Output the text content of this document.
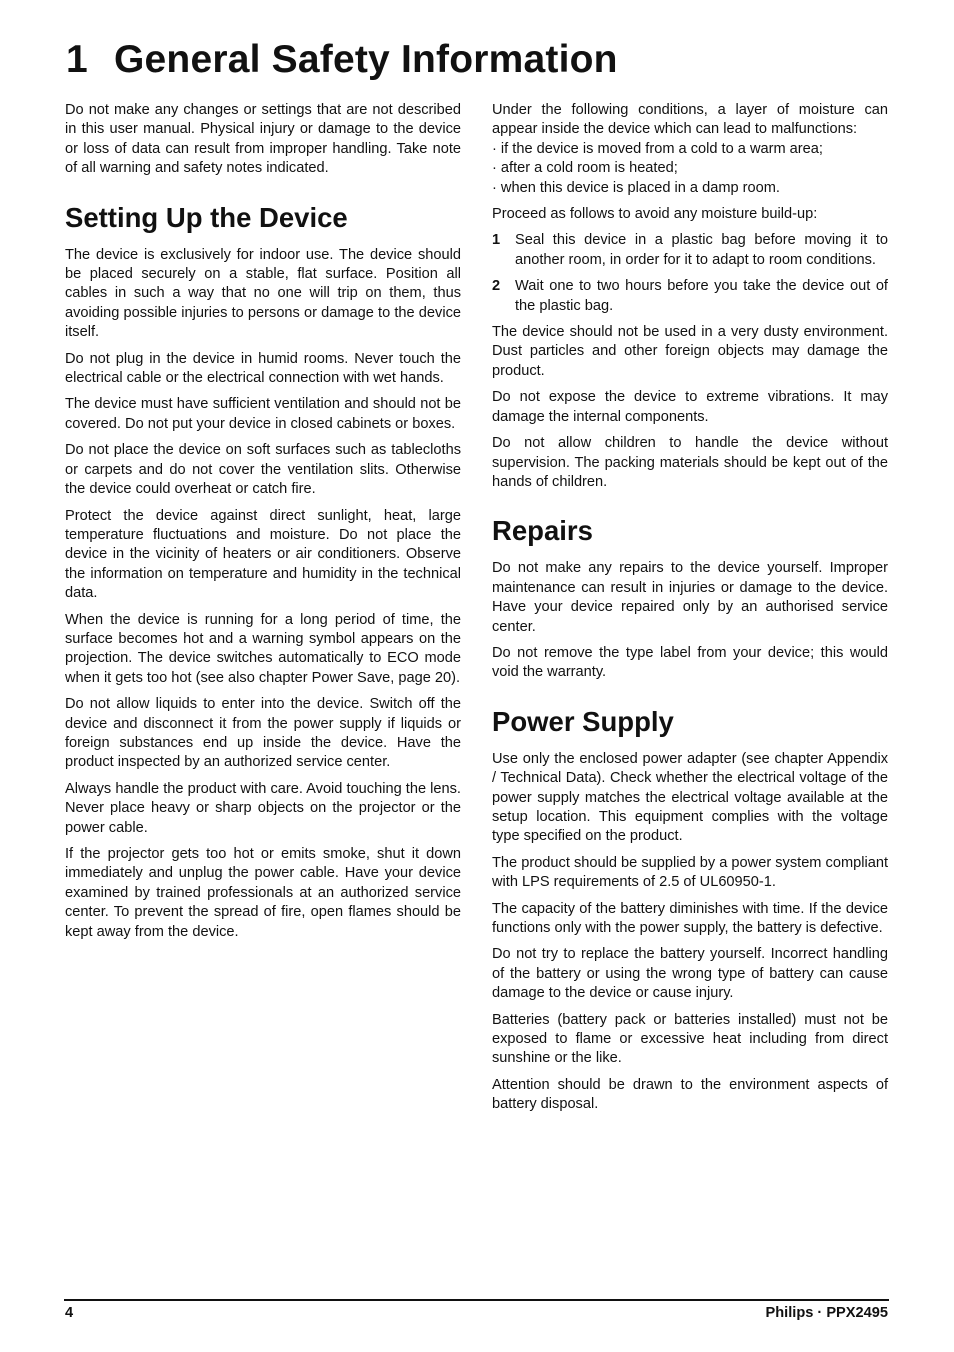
1 General Safety Information

Do not make any changes or settings that are not described in this user manual. Physical injury or damage to the device or loss of data can result from improper handling. Take note of all warning and safety notes indicated.

Setting Up the Device

The device is exclusively for indoor use. The device should be placed securely on a stable, flat surface. Position all cables in such a way that no one will trip on them, thus avoiding possible injuries to persons or damage to the device itself.

Do not plug in the device in humid rooms. Never touch the electrical cable or the electrical connection with wet hands.

The device must have sufficient ventilation and should not be covered. Do not put your device in closed cabinets or boxes.

Do not place the device on soft surfaces such as tablecloths or carpets and do not cover the ventilation slits. Otherwise the device could overheat or catch fire.

Protect the device against direct sunlight, heat, large temperature fluctuations and moisture. Do not place the device in the vicinity of heaters or air conditioners. Observe the information on temperature and humidity in the technical data.

When the device is running for a long period of time, the surface becomes hot and a warning symbol appears on the projection. The device switches automatically to ECO mode when it gets too hot (see also chapter Power Save, page 20).

Do not allow liquids to enter into the device. Switch off the device and disconnect it from the power supply if liquids or foreign substances end up inside the device. Have the product inspected by an authorized service center.

Always handle the product with care. Avoid touching the lens. Never place heavy or sharp objects on the projector or the power cable.

If the projector gets too hot or emits smoke, shut it down immediately and unplug the power cable. Have your device examined by trained professionals at an authorized service center. To prevent the spread of fire, open flames should be kept away from the device.

Under the following conditions, a layer of moisture can appear inside the device which can lead to malfunctions:

· if the device is moved from a cold to a warm area;
· after a cold room is heated;
· when this device is placed in a damp room.

Proceed as follows to avoid any moisture build-up:

1	Seal this device in a plastic bag before moving it to another room, in order for it to adapt to room conditions.
2	Wait one to two hours before you take the device out of the plastic bag.

The device should not be used in a very dusty environment. Dust particles and other foreign objects may damage the product.

Do not expose the device to extreme vibrations. It may damage the internal components.

Do not allow children to handle the device without supervision. The packing materials should be kept out of the hands of children.

Repairs

Do not make any repairs to the device yourself. Improper maintenance can result in injuries or damage to the device. Have your device repaired only by an authorised service center.

Do not remove the type label from your device; this would void the warranty.

Power Supply

Use only the enclosed power adapter (see chapter Appendix / Technical Data). Check whether the electrical voltage of the power supply matches the electrical voltage available at the setup location. This equipment complies with the voltage type specified on the product.

The product should be supplied by a power system compliant with LPS requirements of 2.5 of UL60950-1.

The capacity of the battery diminishes with time. If the device functions only with the power supply, the battery is defective.

Do not try to replace the battery yourself. Incorrect handling of the battery or using the wrong type of battery can cause damage to the device or cause injury.

Batteries (battery pack or batteries installed) must not be exposed to flame or excessive heat including from direct sunshine or the like.

Attention should be drawn to the environment aspects of battery disposal.

4	Philips · PPX2495
